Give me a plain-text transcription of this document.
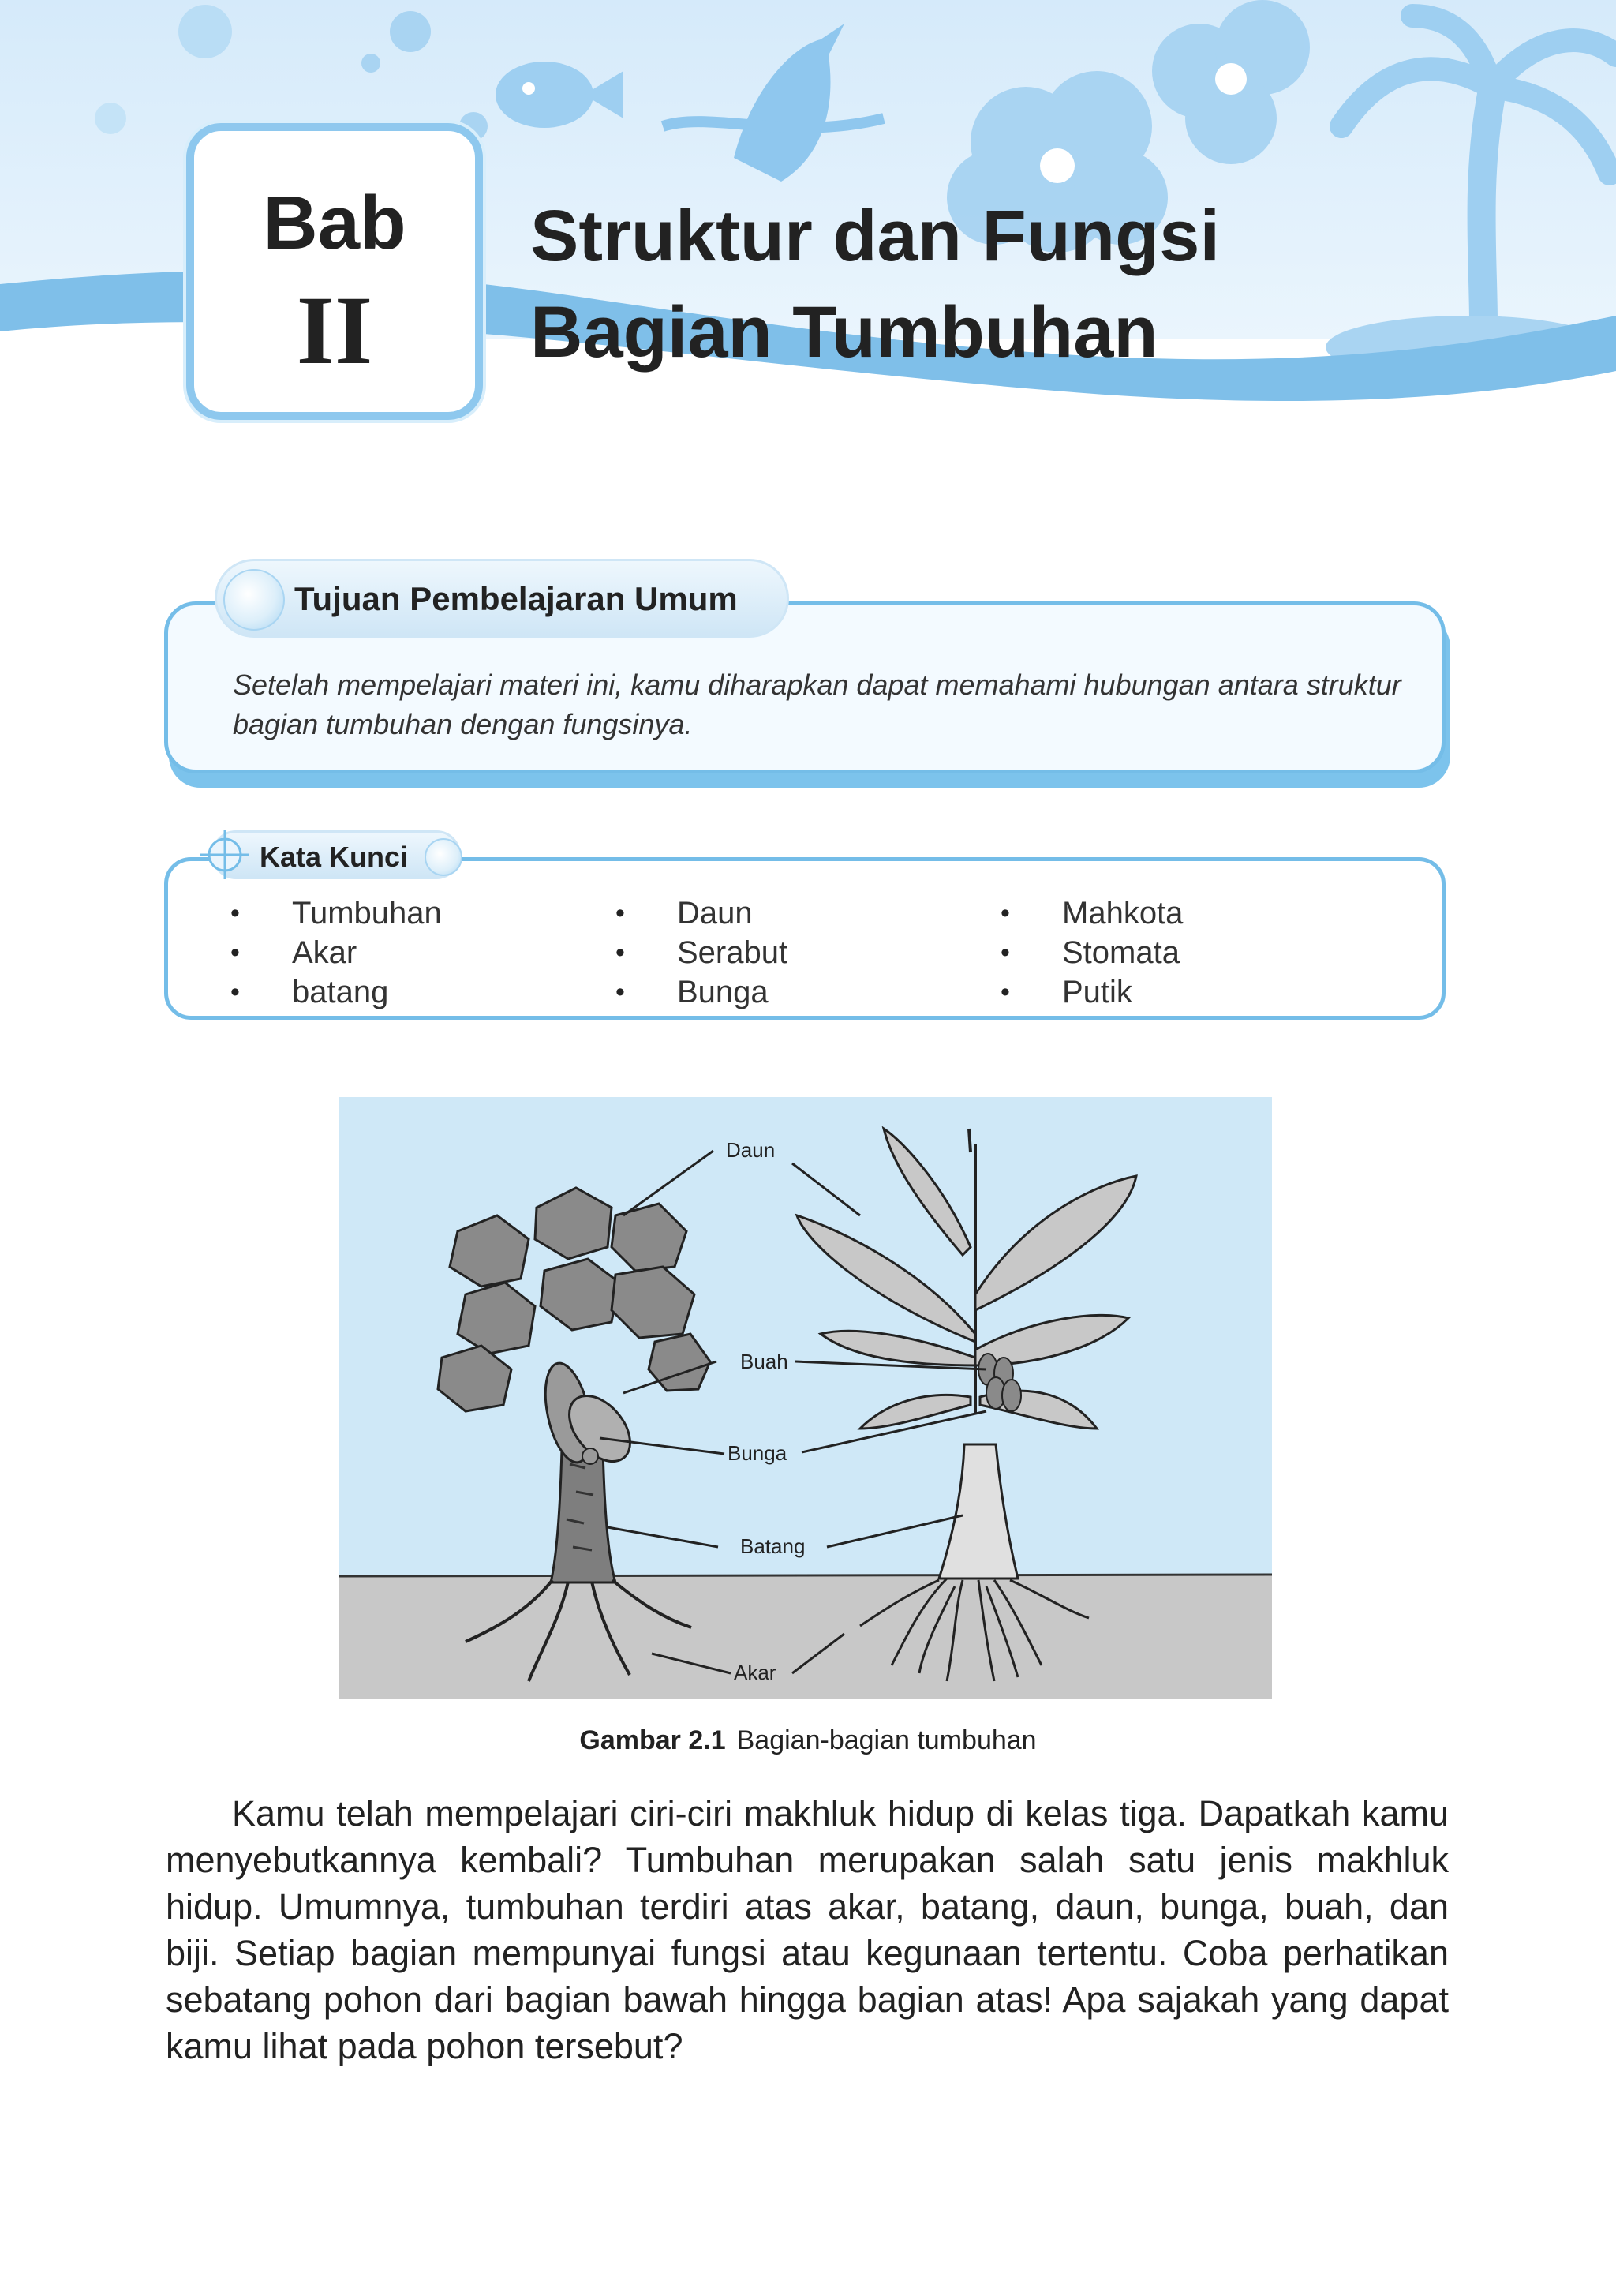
Bab
II
Struktur dan Fungsi
Bagian Tumbuhan

Setelah mempelajari materi ini, kamu diharapkan dapat memahami hubungan antara struktur bagian tumbuhan dengan fungsinya.

Tujuan Pembelajaran Umum
Kata Kunci
• Tumbuhan
• Akar
• batang
• Daun
• Serabut
• Bunga
• Mahkota
• Stomata
• Putik
Daun
Buah
Bunga
Batang
Akar
Gambar 2.1 Bagian-bagian tumbuhan

Kamu telah mempelajari ciri-ciri makhluk hidup di kelas tiga. Dapatkah kamu menyebutkannya kembali? Tumbuhan merupakan salah satu jenis makhluk hidup. Umumnya, tumbuhan terdiri atas akar, batang, daun, bunga, buah, dan biji. Setiap bagian mempunyai fungsi atau kegunaan tertentu. Coba perhatikan sebatang pohon dari bagian bawah hingga bagian atas! Apa sajakah yang dapat kamu lihat pada pohon tersebut?
